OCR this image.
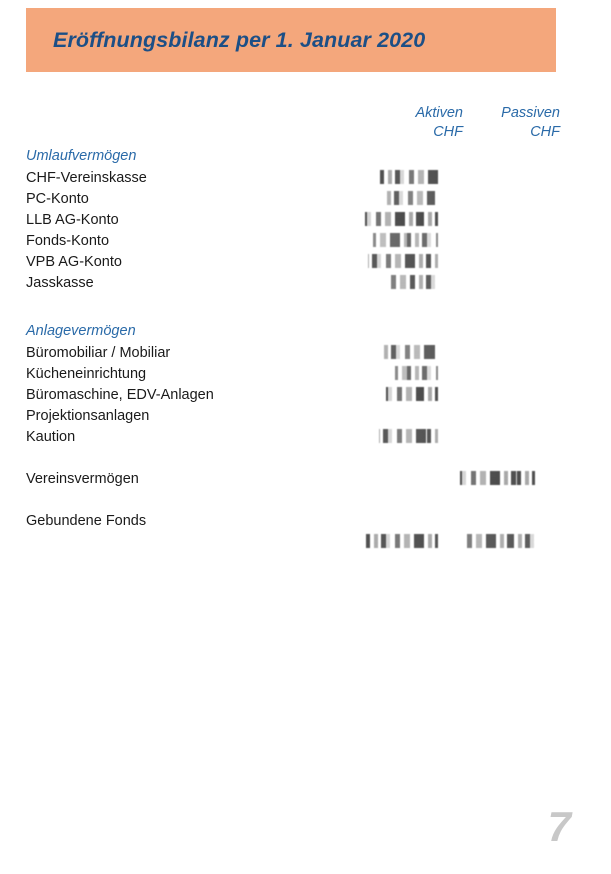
Eröffnungsbilanz per 1. Januar 2020
Aktiven
CHF
Passiven
CHF
Umlaufvermögen
CHF-Vereinskasse
PC-Konto
LLB AG-Konto
Fonds-Konto
VPB AG-Konto
Jasskasse
Anlagevermögen
Büromobiliar / Mobiliar
Kücheneinrichtung
Büromaschine, EDV-Anlagen
Projektionsanlagen
Kaution
Vereinsvermögen
Gebundene Fonds
7
